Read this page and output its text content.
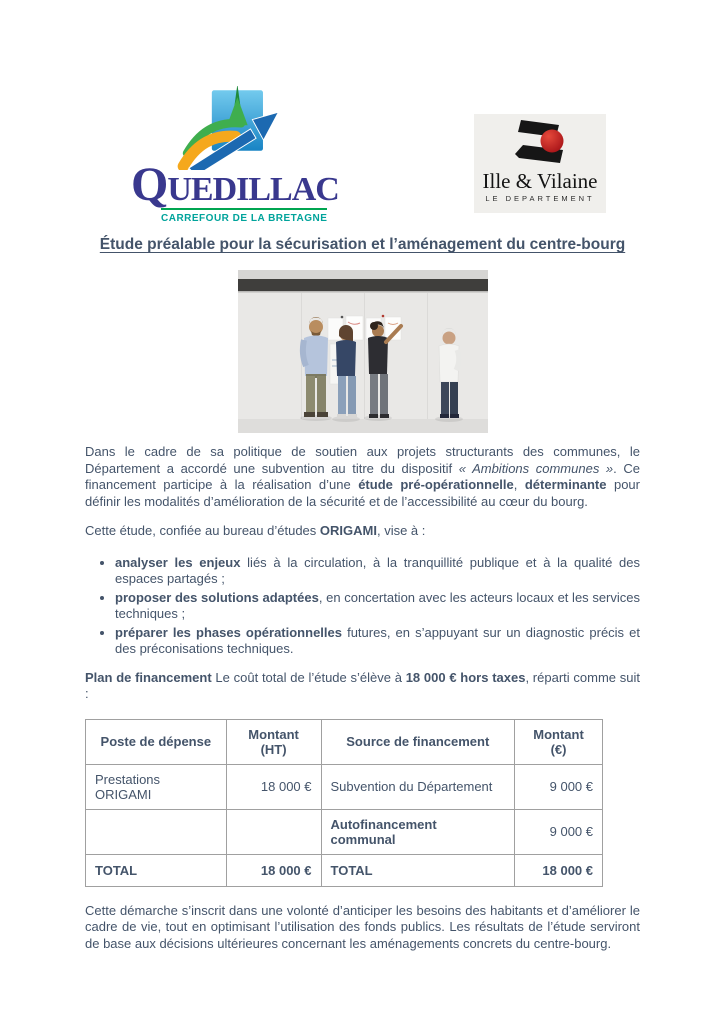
QUEDILLAC
CARREFOUR DE LA BRETAGNE
Ille & Vilaine
LE DEPARTEMENT
Étude préalable pour la sécurisation et l’aménagement du centre-bourg

Dans le cadre de sa politique de soutien aux projets structurants des communes, le Département a accordé une subvention au titre du dispositif « Ambitions communes ». Ce financement participe à la réalisation d’une étude pré-opérationnelle, déterminante pour définir les modalités d’amélioration de la sécurité et de l’accessibilité au cœur du bourg.

Cette étude, confiée au bureau d’études ORIGAMI, vise à :

• analyser les enjeux liés à la circulation, à la tranquillité publique et à la qualité des espaces partagés ;
• proposer des solutions adaptées, en concertation avec les acteurs locaux et les services techniques ;
• préparer les phases opérationnelles futures, en s’appuyant sur un diagnostic précis et des préconisations techniques.

Plan de financement Le coût total de l’étude s’élève à 18 000 € hors taxes, réparti comme suit :

Poste de dépense	Montant (HT)	Source de financement	Montant (€)
Prestations ORIGAMI	18 000 €	Subvention du Département	9 000 €
		Autofinancement communal	9 000 €
TOTAL	18 000 €	TOTAL	18 000 €

Cette démarche s’inscrit dans une volonté d’anticiper les besoins des habitants et d’améliorer le cadre de vie, tout en optimisant l’utilisation des fonds publics. Les résultats de l’étude serviront de base aux décisions ultérieures concernant les aménagements concrets du centre-bourg.
